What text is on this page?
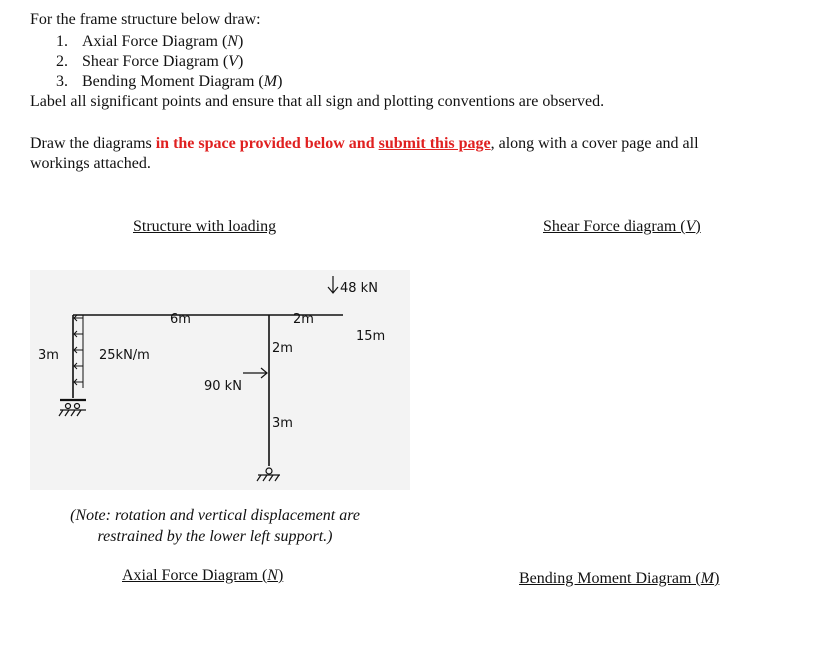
For the frame structure below draw:
1. Axial Force Diagram (N)
2. Shear Force Diagram (V)
3. Bending Moment Diagram (M)
Label all significant points and ensure that all sign and plotting conventions are observed.
Draw the diagrams in the space provided below and submit this page, along with a cover page and all
workings attached.
Structure with loading	Shear Force diagram (V)
Axial Force Diagram (N)	Bending Moment Diagram (M)
48 kN
6m	2m
15m
3m	25kN/m	2m
90 kN
3m
(Note: rotation and vertical displacement are
restrained by the lower left support.)
